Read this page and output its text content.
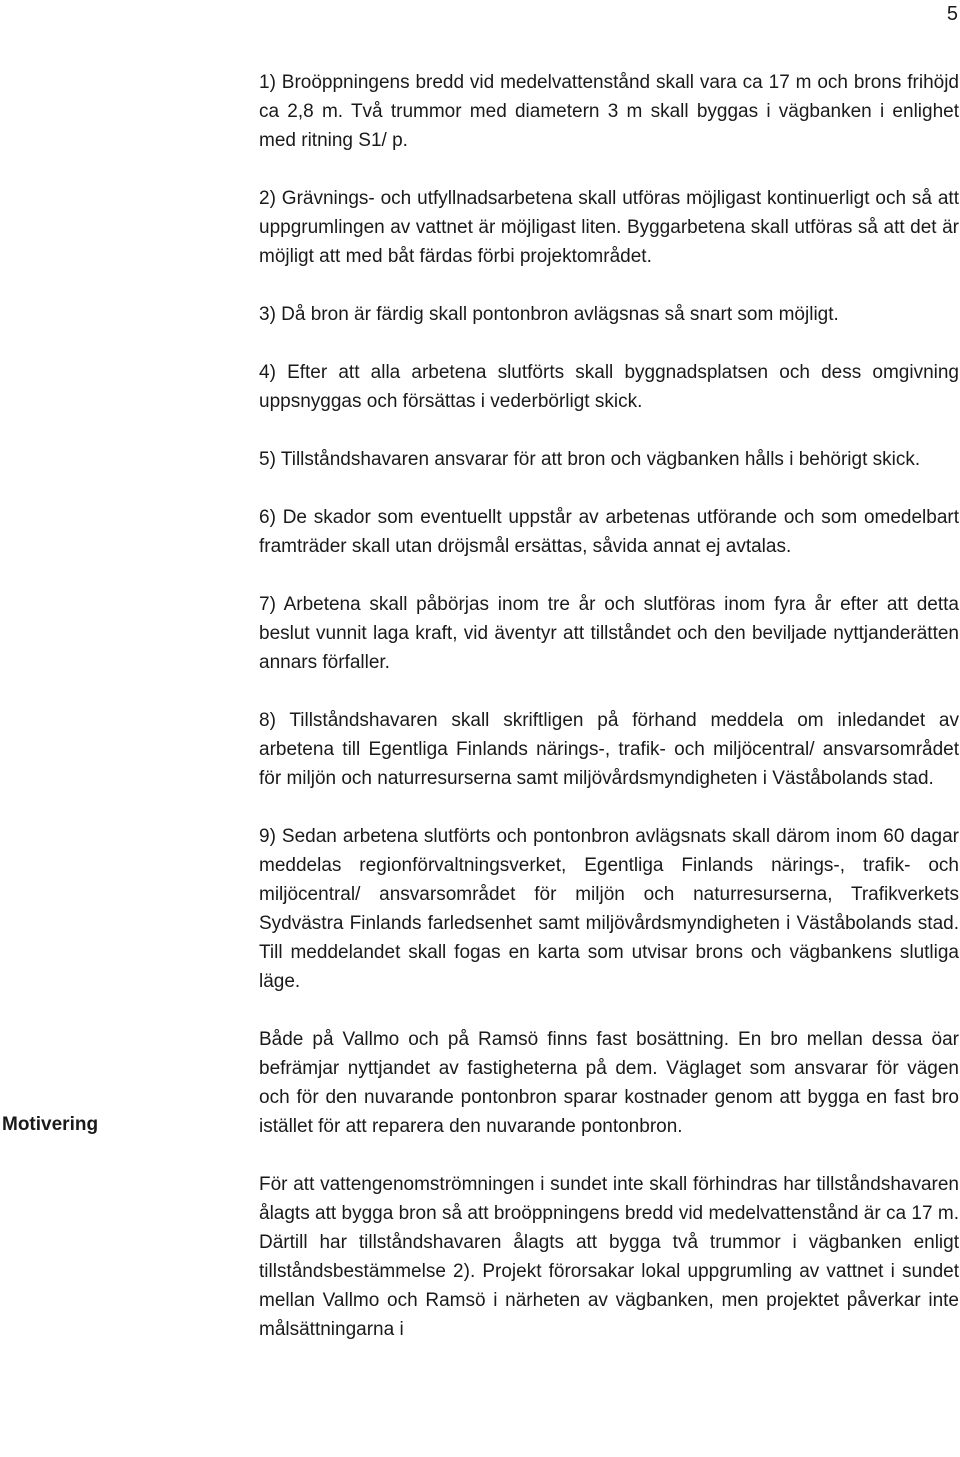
5
Motivering

1) Broöppningens bredd vid medelvattenstånd skall vara ca 17 m och brons frihöjd ca 2,8 m. Två trummor med diametern 3 m skall byggas i vägbanken i enlighet med ritning S1/ p.

2) Grävnings- och utfyllnadsarbetena skall utföras möjligast kontinuerligt och så att uppgrumlingen av vattnet är möjligast liten. Byggarbetena skall utföras så att det är möjligt att med båt färdas förbi projektområdet.

3) Då bron är färdig skall pontonbron avlägsnas så snart som möjligt.

4) Efter att alla arbetena slutförts skall byggnadsplatsen och dess omgivning uppsnyggas och försättas i vederbörligt skick.

5) Tillståndshavaren ansvarar för att bron och vägbanken hålls i behörigt skick.

6) De skador som eventuellt uppstår av arbetenas utförande och som omedelbart framträder skall utan dröjsmål ersättas, såvida annat ej avtalas.

7) Arbetena skall påbörjas inom tre år och slutföras inom fyra år efter att detta beslut vunnit laga kraft, vid äventyr att tillståndet och den beviljade nyttjanderätten annars förfaller.

8) Tillståndshavaren skall skriftligen på förhand meddela om inledandet av arbetena till Egentliga Finlands närings-, trafik- och miljöcentral/ ansvarsområdet för miljön och naturresurserna samt miljövårdsmyndigheten i Väståbolands stad.

9) Sedan arbetena slutförts och pontonbron avlägsnats skall därom inom 60 dagar meddelas regionförvaltningsverket, Egentliga Finlands närings-, trafik- och miljöcentral/ ansvarsområdet för miljön och naturresurserna, Trafikverkets Sydvästra Finlands farledsenhet samt miljövårdsmyndigheten i Väståbolands stad. Till meddelandet skall fogas en karta som utvisar brons och vägbankens slutliga läge.

Både på Vallmo och på Ramsö finns fast bosättning. En bro mellan dessa öar befrämjar nyttjandet av fastigheterna på dem. Väglaget som ansvarar för vägen och för den nuvarande pontonbron sparar kostnader genom att bygga en fast bro istället för att reparera den nuvarande pontonbron.

För att vattengenomströmningen i sundet inte skall förhindras har tillståndshavaren ålagts att bygga bron så att broöppningens bredd vid medelvattenstånd är ca 17 m. Därtill har tillståndshavaren ålagts att bygga två trummor i vägbanken enligt tillståndsbestämmelse 2). Projekt förorsakar lokal uppgrumling av vattnet i sundet mellan Vallmo och Ramsö i närheten av vägbanken, men projektet påverkar inte målsättningarna i
